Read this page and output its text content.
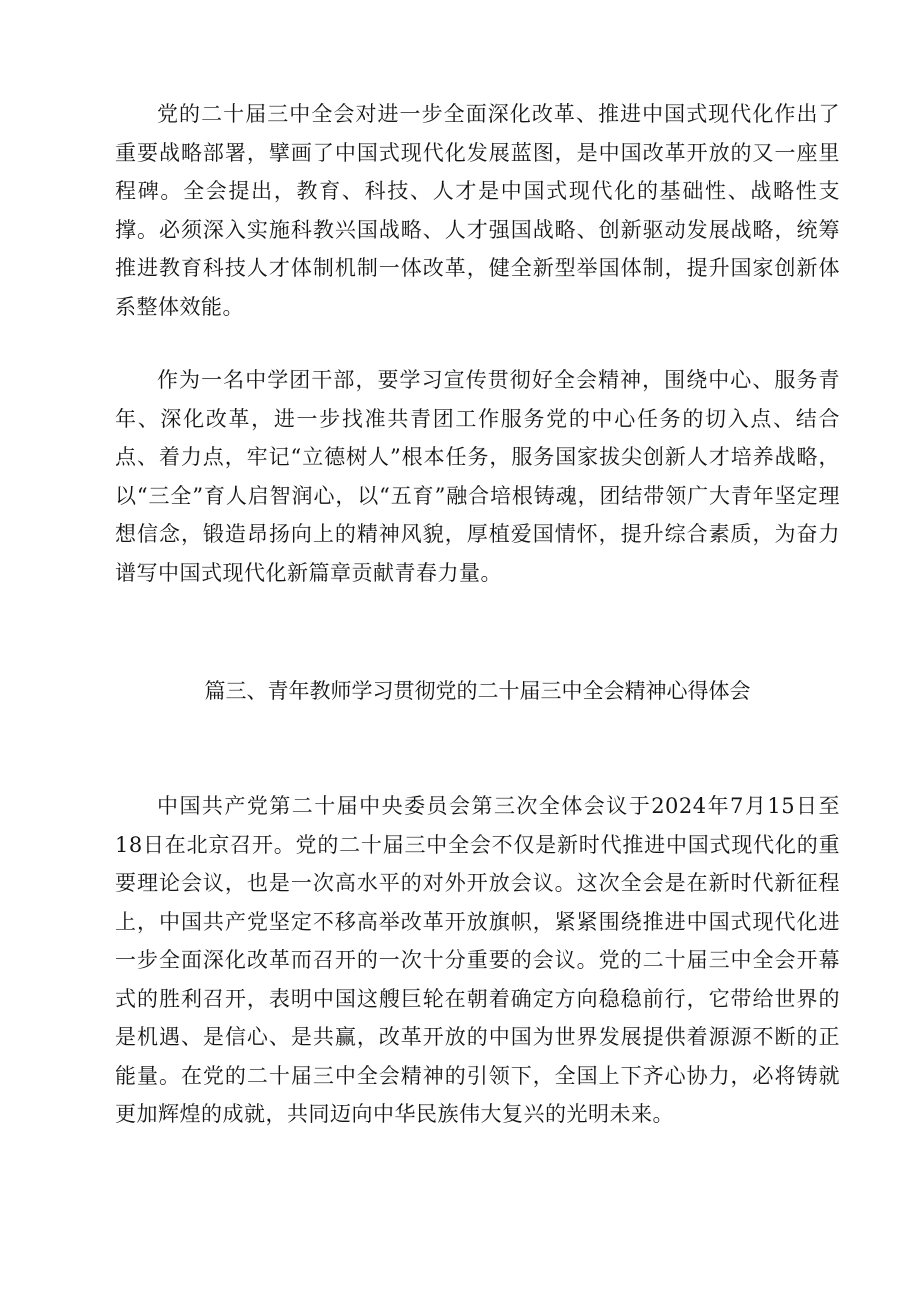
党的二十届三中全会对进一步全面深化改革、推进中国式现代化作出了重要战略部署，擘画了中国式现代化发展蓝图，是中国改革开放的又一座里程碑。全会提出，教育、科技、人才是中国式现代化的基础性、战略性支撑。必须深入实施科教兴国战略、人才强国战略、创新驱动发展战略，统筹推进教育科技人才体制机制一体改革，健全新型举国体制，提升国家创新体系整体效能。

作为一名中学团干部，要学习宣传贯彻好全会精神，围绕中心、服务青年、深化改革，进一步找准共青团工作服务党的中心任务的切入点、结合点、着力点，牢记“立德树人”根本任务，服务国家拔尖创新人才培养战略，以“三全”育人启智润心，以“五育”融合培根铸魂，团结带领广大青年坚定理想信念，锻造昂扬向上的精神风貌，厚植爱国情怀，提升综合素质，为奋力谱写中国式现代化新篇章贡献青春力量。

篇三、青年教师学习贯彻党的二十届三中全会精神心得体会

中国共产党第二十届中央委员会第三次全体会议于2024年7月15日至18日在北京召开。党的二十届三中全会不仅是新时代推进中国式现代化的重要理论会议，也是一次高水平的对外开放会议。这次全会是在新时代新征程上，中国共产党坚定不移高举改革开放旗帜，紧紧围绕推进中国式现代化进一步全面深化改革而召开的一次十分重要的会议。党的二十届三中全会开幕式的胜利召开，表明中国这艘巨轮在朝着确定方向稳稳前行，它带给世界的是机遇、是信心、是共赢，改革开放的中国为世界发展提供着源源不断的正能量。在党的二十届三中全会精神的引领下，全国上下齐心协力，必将铸就更加辉煌的成就，共同迈向中华民族伟大复兴的光明未来。
